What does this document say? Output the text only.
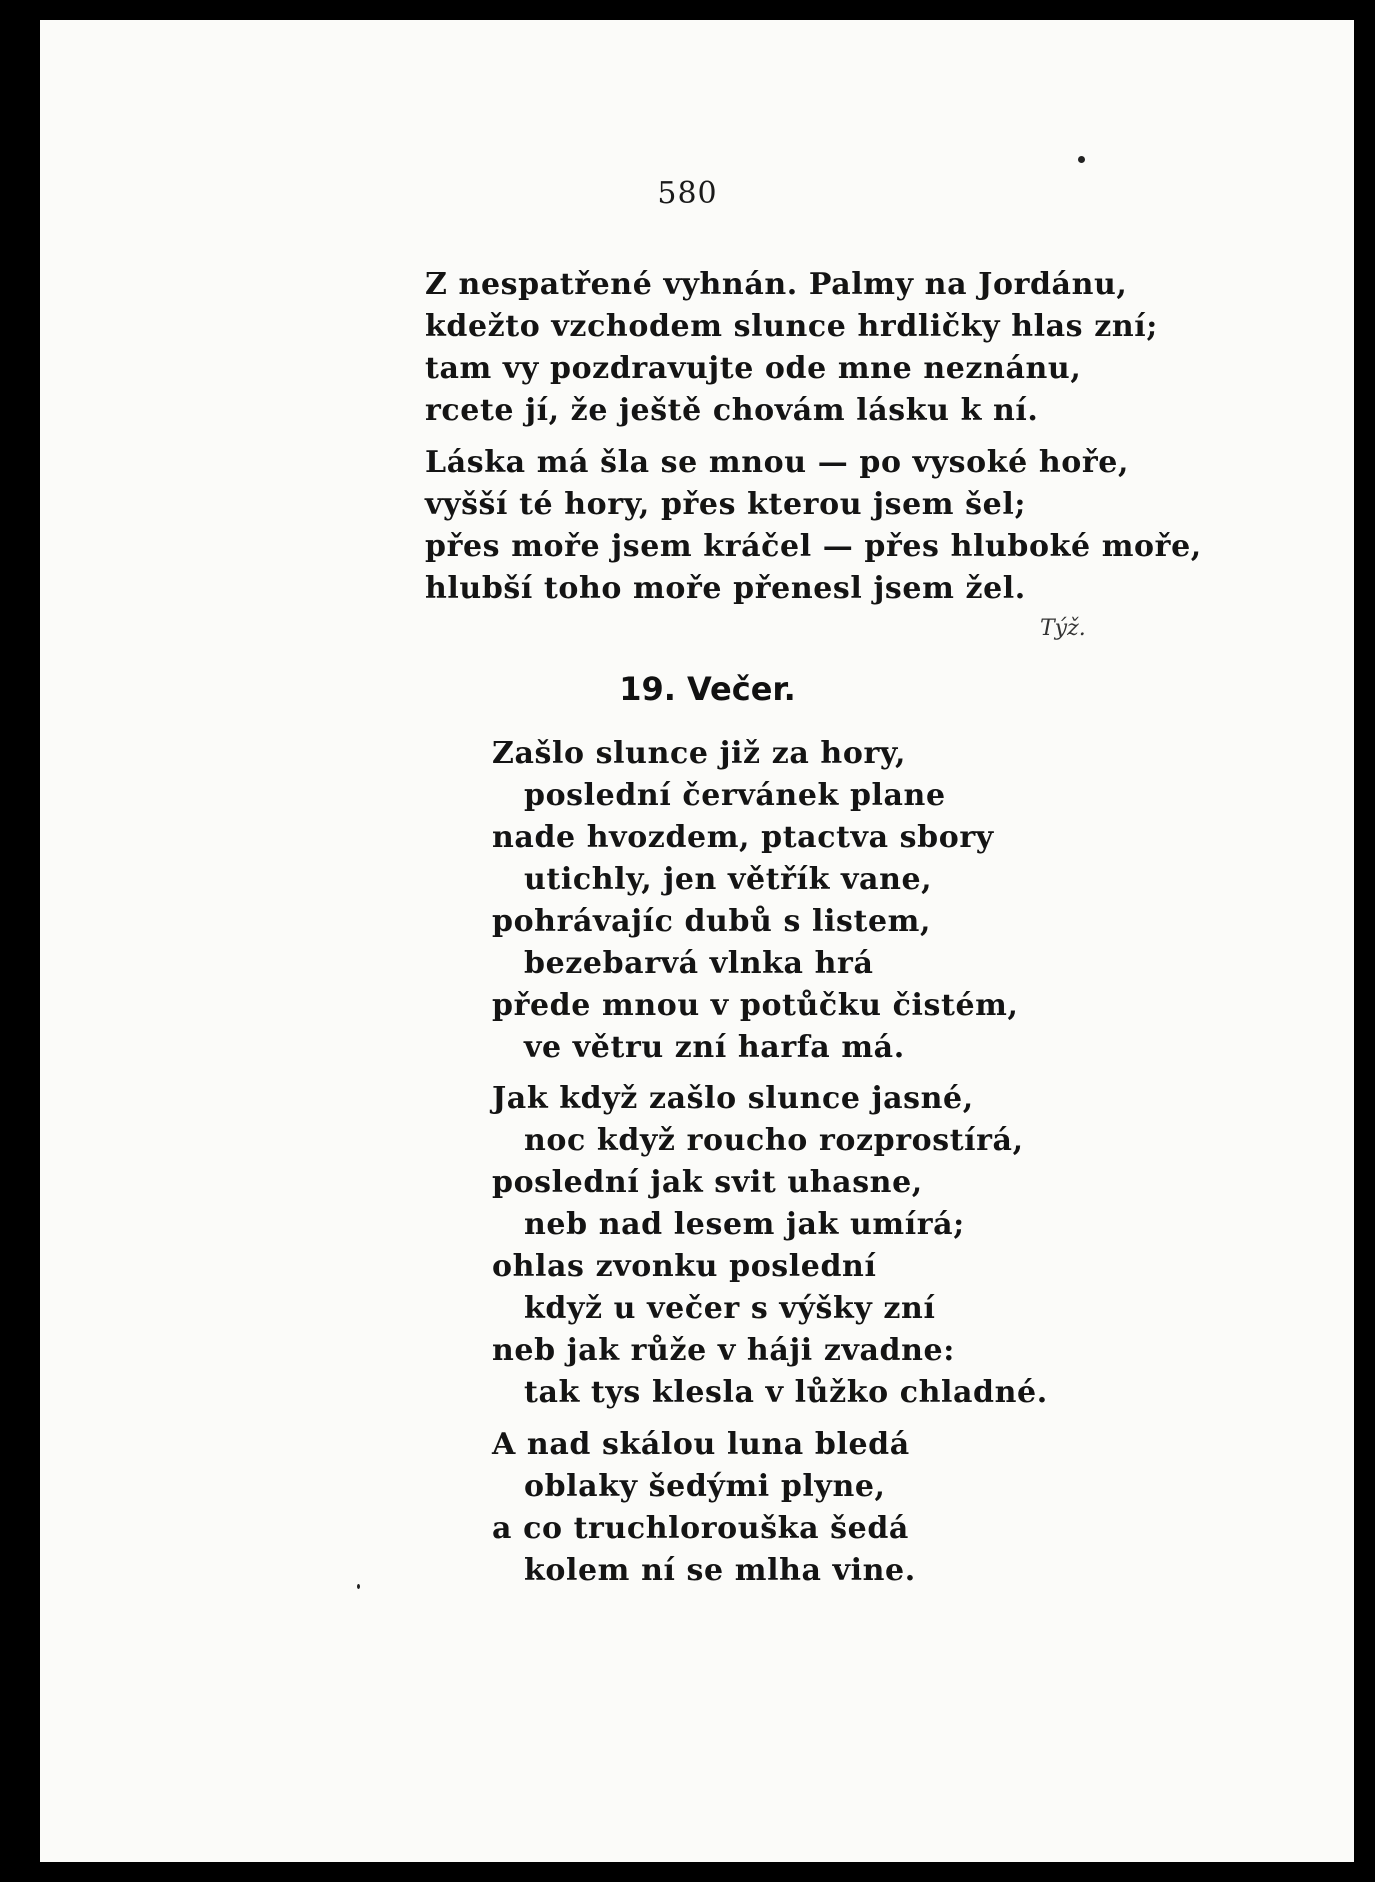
580
Z nespatřené vyhnán. Palmy na Jordánu,
kdežto vzchodem slunce hrdličky hlas zní;
tam vy pozdravujte ode mne neznánu,
rcete jí, že ještě chovám lásku k ní.
Láska má šla se mnou — po vysoké hoře,
vyšší té hory, přes kterou jsem šel;
přes moře jsem kráčel — přes hluboké moře,
hlubší toho moře přenesl jsem žel.
Týž.
19. Večer.
Zašlo slunce již za hory,
poslední červánek plane
nade hvozdem, ptactva sbory
utichly, jen větřík vane,
pohrávajíc dubů s listem,
bezebarvá vlnka hrá
přede mnou v potůčku čistém,
ve větru zní harfa má.
Jak když zašlo slunce jasné,
noc když roucho rozprostírá,
poslední jak svit uhasne,
neb nad lesem jak umírá;
ohlas zvonku poslední
když u večer s výšky zní
neb jak růže v háji zvadne:
tak tys klesla v lůžko chladné.
A nad skálou luna bledá
oblaky šedými plyne,
a co truchlorouška šedá
kolem ní se mlha vine.
